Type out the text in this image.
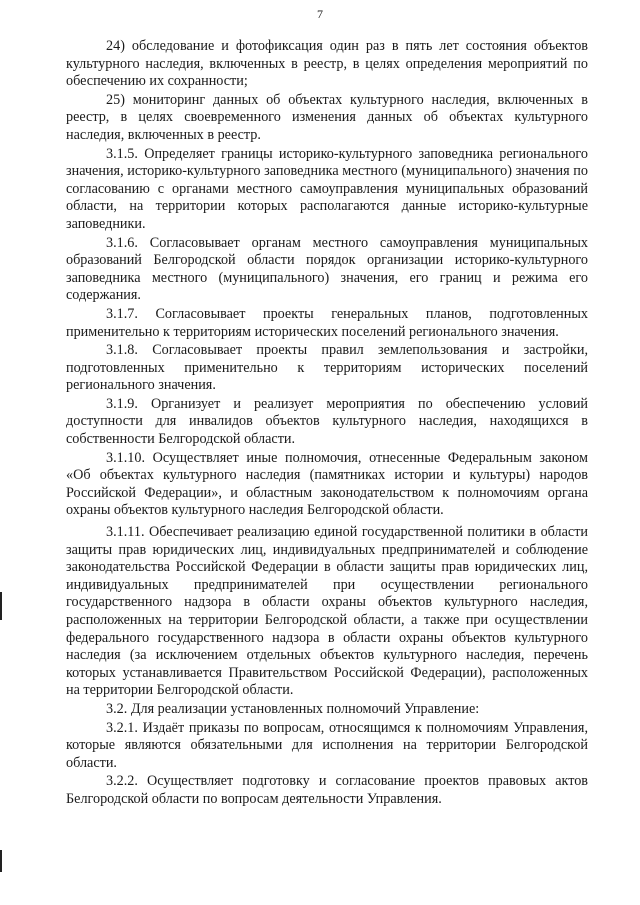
7

24) обследование и фотофиксация один раз в пять лет состояния объектов культурного наследия, включенных в реестр, в целях определения мероприятий по обеспечению их сохранности;

25) мониторинг данных об объектах культурного наследия, включенных в реестр, в целях своевременного изменения данных об объектах культурного наследия, включенных в реестр.

3.1.5. Определяет границы историко-культурного заповедника регионального значения, историко-культурного заповедника местного (муниципального) значения по согласованию с органами местного самоуправления муниципальных образований области, на территории которых располагаются данные историко-культурные заповедники.

3.1.6. Согласовывает органам местного самоуправления муниципальных образований Белгородской области порядок организации историко-культурного заповедника местного (муниципального) значения, его границ и режима его содержания.

3.1.7. Согласовывает проекты генеральных планов, подготовленных применительно к территориям исторических поселений регионального значения.

3.1.8. Согласовывает проекты правил землепользования и застройки, подготовленных применительно к территориям исторических поселений регионального значения.

3.1.9. Организует и реализует мероприятия по обеспечению условий доступности для инвалидов объектов культурного наследия, находящихся в собственности Белгородской области.

3.1.10. Осуществляет иные полномочия, отнесенные Федеральным законом «Об объектах культурного наследия (памятниках истории и культуры) народов Российской Федерации», и областным законодательством к полномочиям органа охраны объектов культурного наследия Белгородской области.

3.1.11. Обеспечивает реализацию единой государственной политики в области защиты прав юридических лиц, индивидуальных предпринимателей и соблюдение законодательства Российской Федерации в области защиты прав юридических лиц, индивидуальных предпринимателей при осуществлении регионального государственного надзора в области охраны объектов культурного наследия, расположенных на территории Белгородской области, а также при осуществлении федерального государственного надзора в области охраны объектов культурного наследия (за исключением отдельных объектов культурного наследия, перечень которых устанавливается Правительством Российской Федерации), расположенных на территории Белгородской области.

3.2. Для реализации установленных полномочий Управление:

3.2.1. Издаёт приказы по вопросам, относящимся к полномочиям Управления, которые являются обязательными для исполнения на территории Белгородской области.

3.2.2. Осуществляет подготовку и согласование проектов правовых актов Белгородской области по вопросам деятельности Управления.
